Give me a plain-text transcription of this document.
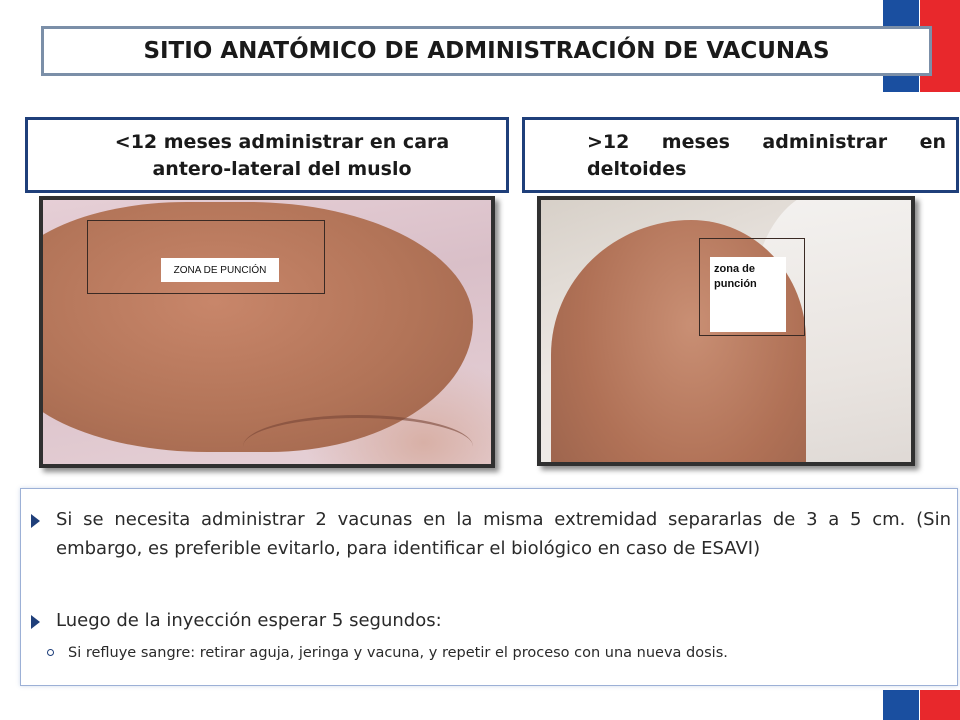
SITIO ANATÓMICO DE ADMINISTRACIÓN DE VACUNAS
<12 meses administrar en cara antero-lateral del muslo
>12 meses administrar en deltoides
ZONA DE PUNCIÓN	zona de punción
Si se necesita administrar 2 vacunas en la misma extremidad separarlas de 3 a 5 cm. (Sin embargo, es preferible evitarlo, para identificar el biológico en caso de ESAVI)
Luego de la inyección esperar 5 segundos:
Si refluye sangre: retirar aguja, jeringa y vacuna, y repetir el proceso con una nueva dosis.
